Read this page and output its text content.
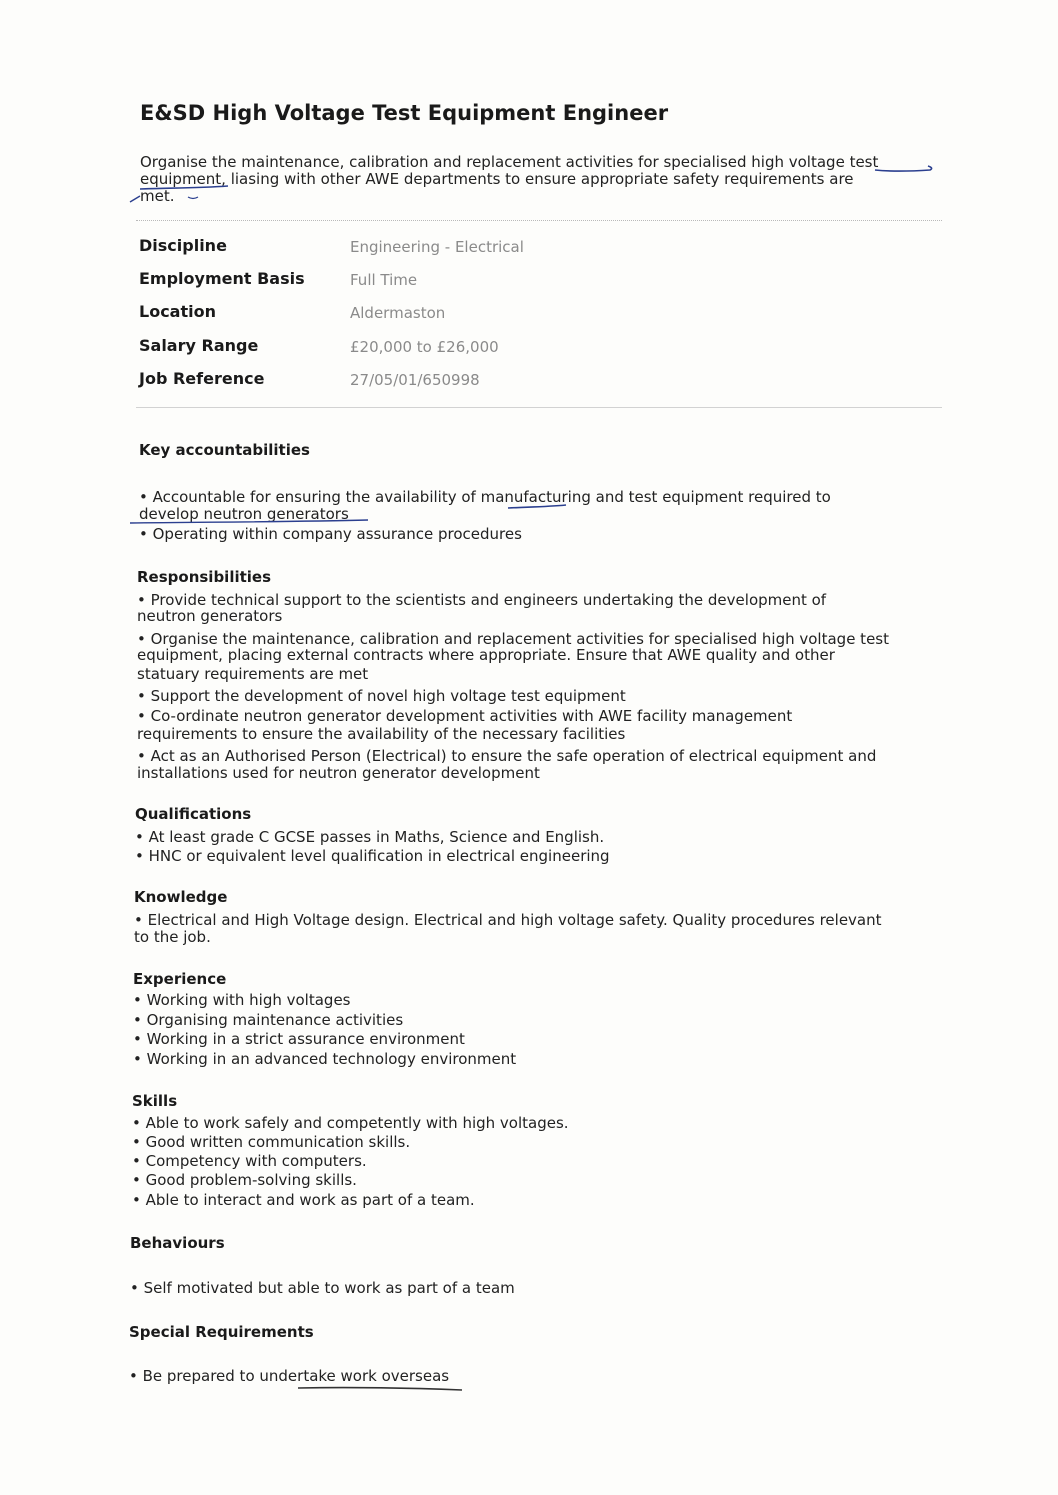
E&SD High Voltage Test Equipment Engineer
Organise the maintenance, calibration and replacement activities for specialised high voltage test
equipment, liasing with other AWE departments to ensure appropriate safety requirements are
met.
Discipline	Engineering - Electrical
Employment Basis	Full Time
Location	Aldermaston
Salary Range	£20,000 to £26,000
Job Reference	27/05/01/650998
Key accountabilities
• Accountable for ensuring the availability of manufacturing and test equipment required to
develop neutron generators
• Operating within company assurance procedures
Responsibilities
• Provide technical support to the scientists and engineers undertaking the development of
neutron generators
• Organise the maintenance, calibration and replacement activities for specialised high voltage test
equipment, placing external contracts where appropriate. Ensure that AWE quality and other
statuary requirements are met
• Support the development of novel high voltage test equipment
• Co-ordinate neutron generator development activities with AWE facility management
requirements to ensure the availability of the necessary facilities
• Act as an Authorised Person (Electrical) to ensure the safe operation of electrical equipment and
installations used for neutron generator development
Qualifications
• At least grade C GCSE passes in Maths, Science and English.
• HNC or equivalent level qualification in electrical engineering
Knowledge
• Electrical and High Voltage design. Electrical and high voltage safety. Quality procedures relevant
to the job.
Experience
• Working with high voltages
• Organising maintenance activities
• Working in a strict assurance environment
• Working in an advanced technology environment
Skills
• Able to work safely and competently with high voltages.
• Good written communication skills.
• Competency with computers.
• Good problem-solving skills.
• Able to interact and work as part of a team.
Behaviours
• Self motivated but able to work as part of a team
Special Requirements
• Be prepared to undertake work overseas
